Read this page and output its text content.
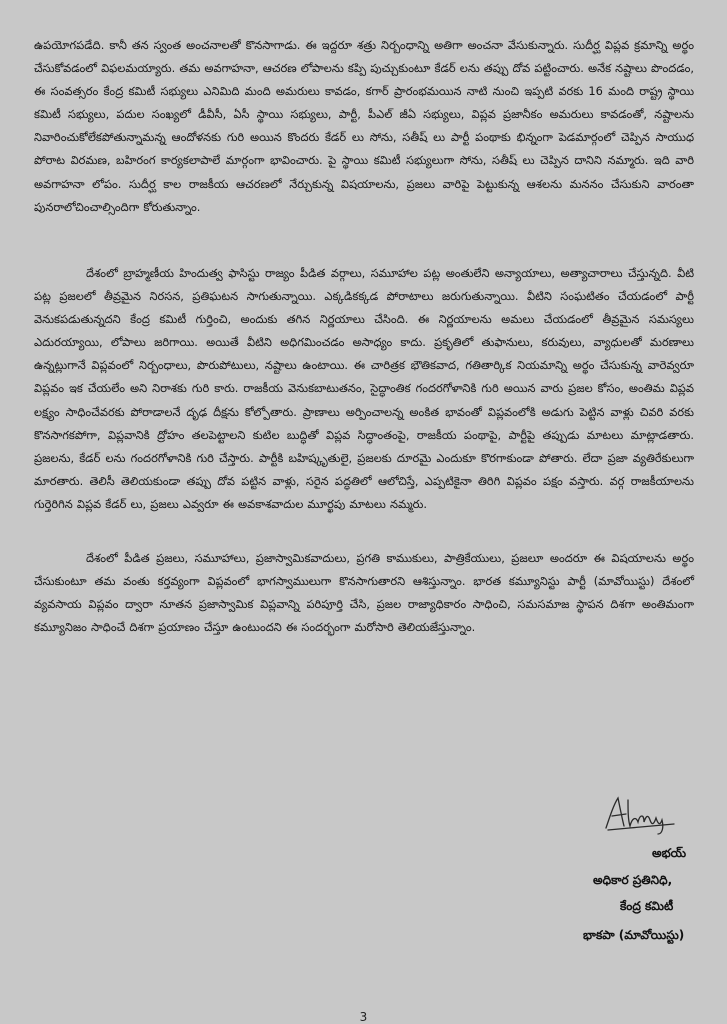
ఉపయోగపడేది. కానీ తన స్వంత అంచనాలతో కొనసాగాడు. ఈ ఇద్దరూ శత్రు నిర్బంధాన్ని అతిగా అంచనా వేసుకున్నారు. సుదీర్ఘ విప్లవ క్రమాన్ని అర్థం చేసుకోవడంలో విఫలమయ్యారు. తమ అవగాహనా, ఆచరణ లోపాలను కప్పి పుచ్చుకుంటూ కేడర్ లను తప్పు దోవ పట్టించారు. అనేక నష్టాలు పొందడం, ఈ సంవత్సరం కేంద్ర కమిటీ సభ్యులు ఎనిమిది మంది అమరులు కావడం, కగార్ ప్రారంభమయిన నాటి నుంచి ఇప్పటి వరకు 16 మంది రాష్ట్ర స్థాయి కమిటీ సభ్యులు, పదుల సంఖ్యలో డీవీసీ, ఏసీ స్థాయి సభ్యులు, పార్టీ, పీఎల్ జీఏ సభ్యులు, విప్లవ ప్రజానీకం అమరులు కావడంతో, నష్టాలను నివారించుకోలేకపోతున్నామన్న ఆందోళనకు గురి అయిన కొందరు కేడర్ లు సోను, సతీష్ లు పార్టీ పంథాకు భిన్నంగా పెడమార్గంలో చెప్పిన సాయుధ పోరాట విరమణ, బహిరంగ కార్యకలాపాలే మార్గంగా భావించారు. పై స్థాయి కమిటీ సభ్యులుగా సోను, సతీష్ లు చెప్పిన దానిని నమ్మారు. ఇది వారి అవగాహనా లోపం. సుదీర్ఘ కాల రాజకీయ ఆచరణలో నేర్చుకున్న విషయాలను, ప్రజలు వారిపై పెట్టుకున్న ఆశలను మననం చేసుకుని వారంతా పునరాలోచించాల్సిందిగా కోరుతున్నాం.

దేశంలో బ్రాహ్మణీయ హిందుత్వ ఫాసిస్టు రాజ్యం పీడిత వర్గాలు, సమూహాల పట్ల అంతులేని అన్యాయాలు, అత్యాచారాలు చేస్తున్నది. వీటి పట్ల ప్రజలలో తీవ్రమైన నిరసన, ప్రతిఘటన సాగుతున్నాయి. ఎక్కడికక్కడ పోరాటాలు జరుగుతున్నాయి. వీటిని సంఘటితం చేయడంలో పార్టీ వెనుకపడుతున్నదని కేంద్ర కమిటీ గుర్తించి, అందుకు తగిన నిర్ణయాలు చేసింది. ఈ నిర్ణయాలను అమలు చేయడంలో తీవ్రమైన సమస్యలు ఎదురయ్యాయి, లోపాలు జరిగాయి. అయితే వీటిని అధిగమించడం అసాధ్యం కాదు. ప్రకృతిలో తుఫానులు, కరువులు, వ్యాధులతో మరణాలు ఉన్నట్లుగానే విప్లవంలో నిర్బంధాలు, పొరుపోటులు, నష్టాలు ఉంటాయి. ఈ చారిత్రక భౌతికవాద, గతితార్కిక నియమాన్ని అర్థం చేసుకున్న వారెవ్వరూ విప్లవం ఇక చేయలేం అని నిరాశకు గురి కారు. రాజకీయ వెనుకబాటుతనం, సైద్ధాంతిక గందరగోళానికి గురి అయిన వారు ప్రజల కోసం, అంతిమ విప్లవ లక్ష్యం సాధించేవరకు పోరాడాలనే దృఢ దీక్షను కోల్పోతారు. ప్రాణాలు అర్పించాలన్న అంకిత భావంతో విప్లవంలోకి అడుగు పెట్టిన వాళ్లు చివరి వరకు కొనసాగకపోగా, విప్లవానికి ద్రోహం తలపెట్టాలని కుటిల బుద్ధితో విప్లవ సిద్ధాంతంపై, రాజకీయ పంథాపై, పార్టీపై తప్పుడు మాటలు మాట్లాడతారు. ప్రజలను, కేడర్ లను గందరగోళానికి గురి చేస్తారు. పార్టీకి బహిష్కృతులై, ప్రజలకు దూరమై ఎందుకూ కొరగాకుండా పోతారు. లేదా ప్రజా వ్యతిరేకులుగా మారతారు. తెలిసీ తెలియకుండా తప్పు దోవ పట్టిన వాళ్లు, సరైన పద్ధతిలో ఆలోచిస్తే, ఎప్పటికైనా తిరిగి విప్లవం పక్షం వస్తారు. వర్గ రాజకీయాలను గుర్తెరిగిన విప్లవ కేడర్ లు, ప్రజలు ఎవ్వరూ ఈ అవకాశవాదుల మూర్ఖపు మాటలు నమ్మరు.

దేశంలో పీడిత ప్రజలు, సమూహాలు, ప్రజాస్వామికవాదులు, ప్రగతి కాముకులు, పాత్రికేయులు, ప్రజలూ అందరూ ఈ విషయాలను అర్థం చేసుకుంటూ తమ వంతు కర్తవ్యంగా విప్లవంలో భాగస్వాములుగా కొనసాగుతారని ఆశిస్తున్నాం. భారత కమ్యూనిస్టు పార్టీ (మావోయిస్టు) దేశంలో వ్యవసాయ విప్లవం ద్వారా నూతన ప్రజాస్వామిక విప్లవాన్ని పరిపూర్తి చేసి, ప్రజల రాజ్యాధికారం సాధించి, సమసమాజ స్థాపన దిశగా అంతిమంగా కమ్యూనిజం సాధించే దిశగా ప్రయాణం చేస్తూ ఉంటుందని ఈ సందర్భంగా మరోసారి తెలియజేస్తున్నాం.

అభయ్
అధికార ప్రతినిధి,
కేంద్ర కమిటీ
భాకపా (మావోయిస్టు)
3
